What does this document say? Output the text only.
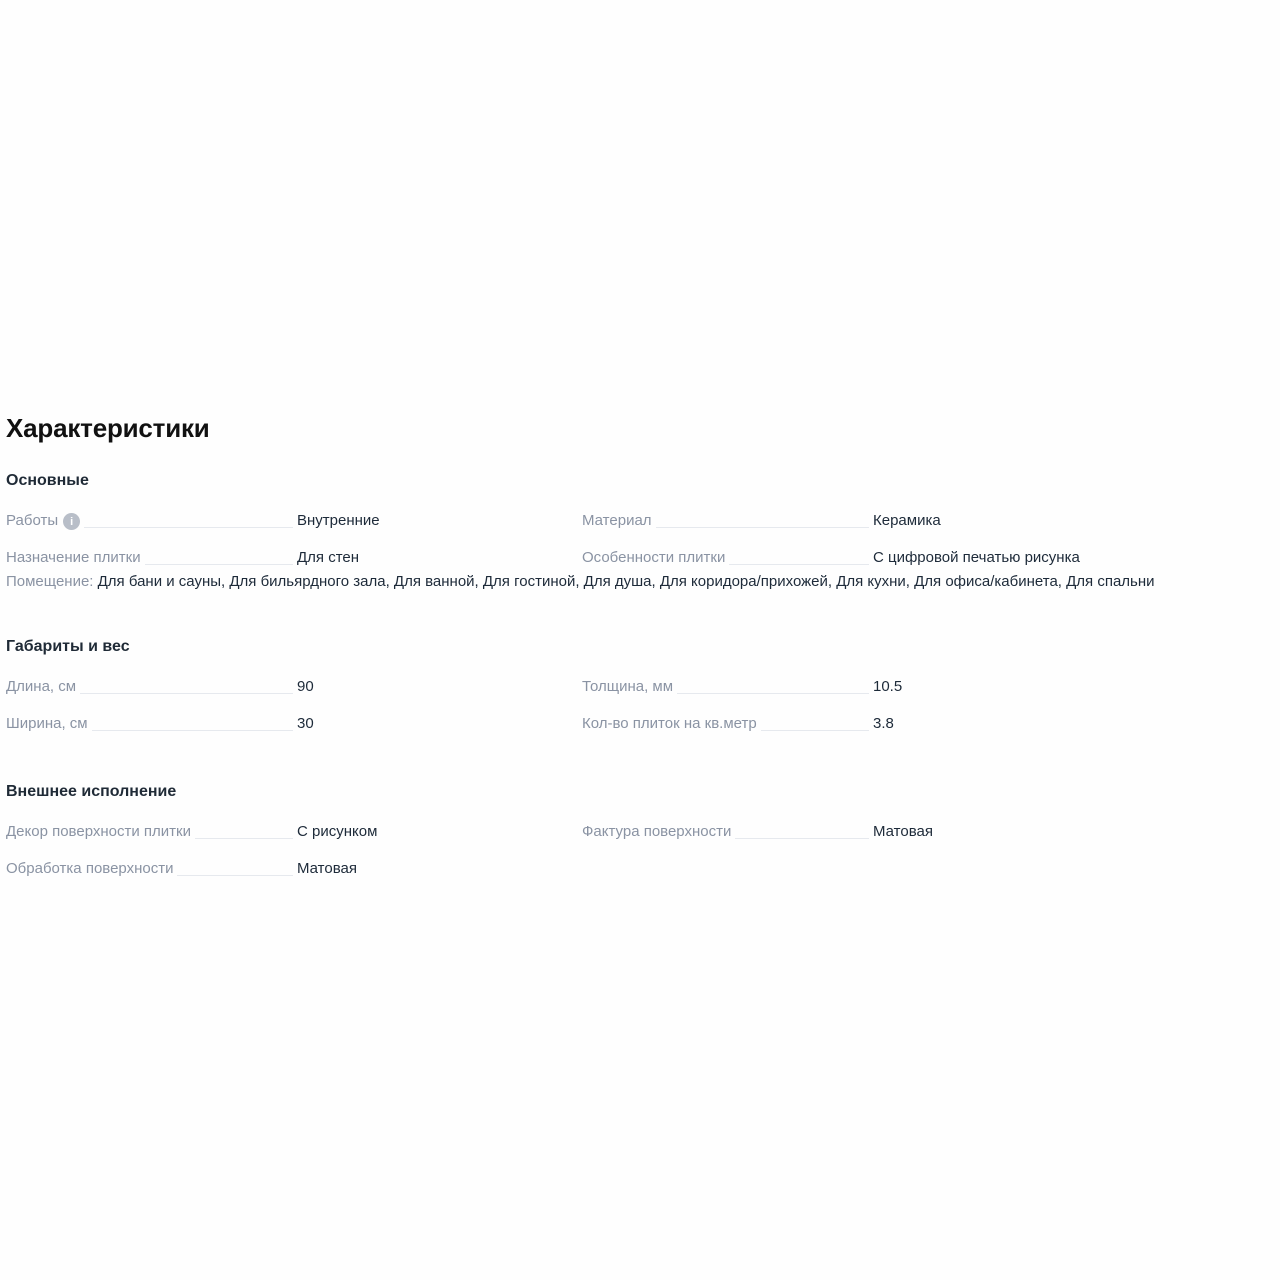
Характеристики
Основные
Работы	i	Внутренние	Материал	Керамика
Назначение плитки	Для стен	Особенности плитки	С цифровой печатью рисунка
Помещение: Для бани и сауны, Для бильярдного зала, Для ванной, Для гостиной, Для душа, Для коридора/прихожей, Для кухни, Для офиса/кабинета, Для спальни
Габариты и вес
Длина, см	90	Толщина, мм	10.5
Ширина, см	30	Кол-во плиток на кв.метр	3.8
Внешнее исполнение
Декор поверхности плитки	С рисунком	Фактура поверхности	Матовая
Обработка поверхности	Матовая
